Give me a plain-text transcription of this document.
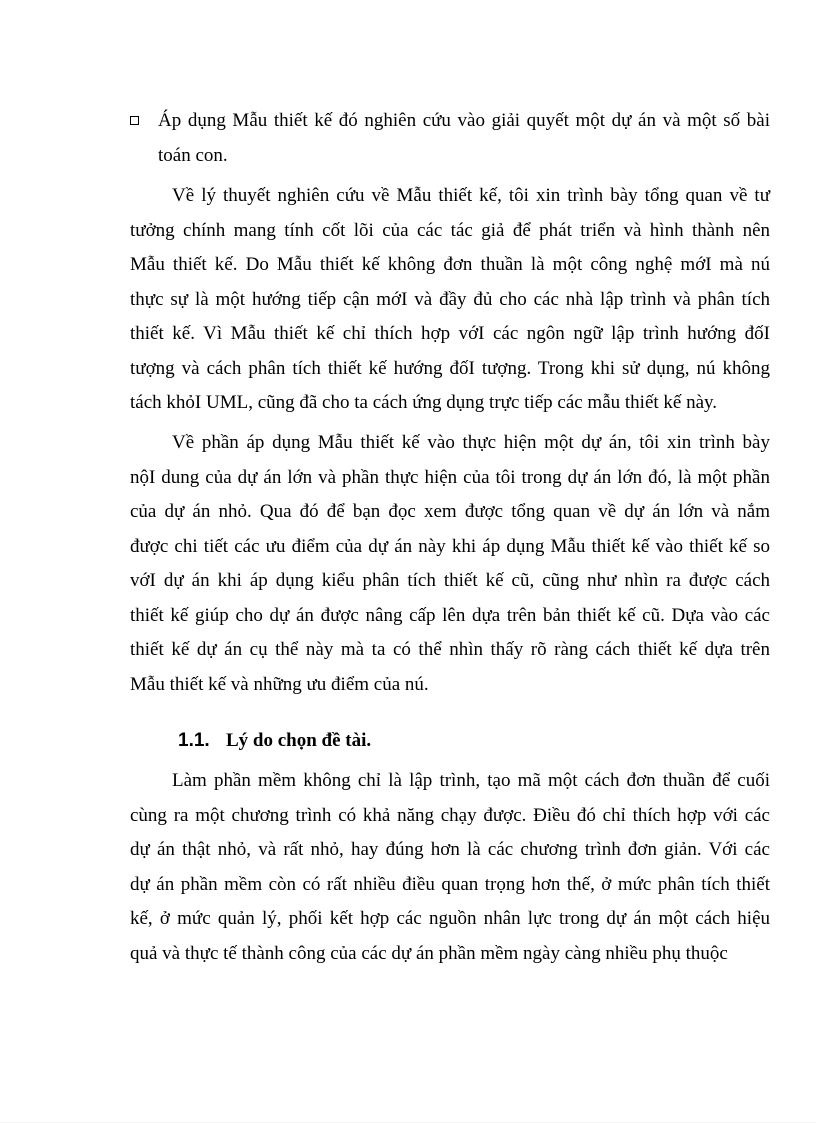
Áp dụng Mẫu thiết kế đó nghiên cứu vào giải quyết một dự án và một số bài
toán con.
Về lý thuyết nghiên cứu về Mẫu thiết kế, tôi xin trình bày tổng quan về tư
tưởng chính mang tính cốt lõi của các tác giả để phát triển và hình thành nên
Mẫu thiết kế. Do Mẫu thiết kế không đơn thuần là một công nghệ mớI mà nú
thực sự là một hướng tiếp cận mớI và đầy đủ cho các nhà lập trình và phân tích
thiết kế. Vì Mẫu thiết kế chỉ thích hợp vớI các ngôn ngữ lập trình hướng đốI
tượng và cách phân tích thiết kế hướng đốI tượng. Trong khi sử dụng, nú không
tách khỏI UML, cũng đã cho ta cách ứng dụng trực tiếp các mẫu thiết kế này.
Về phần áp dụng Mẫu thiết kế vào thực hiện một dự án, tôi xin trình bày
nộI dung của dự án lớn và phần thực hiện của tôi trong dự án lớn đó, là một phần
của dự án nhỏ. Qua đó để bạn đọc xem được tổng quan về dự án lớn và nắm
được chi tiết các ưu điểm của dự án này khi áp dụng Mẫu thiết kế vào thiết kế so
vớI dự án khi áp dụng kiểu phân tích thiết kế cũ, cũng như nhìn ra được cách
thiết kế giúp cho dự án được nâng cấp lên dựa trên bản thiết kế cũ. Dựa vào các
thiết kế dự án cụ thể này mà ta có thể nhìn thấy rõ ràng cách thiết kế dựa trên
Mẫu thiết kế và những ưu điểm của nú.
1.1. Lý do chọn đề tài.
Làm phần mềm không chỉ là lập trình, tạo mã một cách đơn thuần để cuối
cùng ra một chương trình có khả năng chạy được. Điều đó chỉ thích hợp với các
dự án thật nhỏ, và rất nhỏ, hay đúng hơn là các chương trình đơn giản. Với các
dự án phần mềm còn có rất nhiều điều quan trọng hơn thế, ở mức phân tích thiết
kế, ở mức quản lý, phối kết hợp các nguồn nhân lực trong dự án một cách hiệu
quả và thực tế thành công của các dự án phần mềm ngày càng nhiều phụ thuộc
